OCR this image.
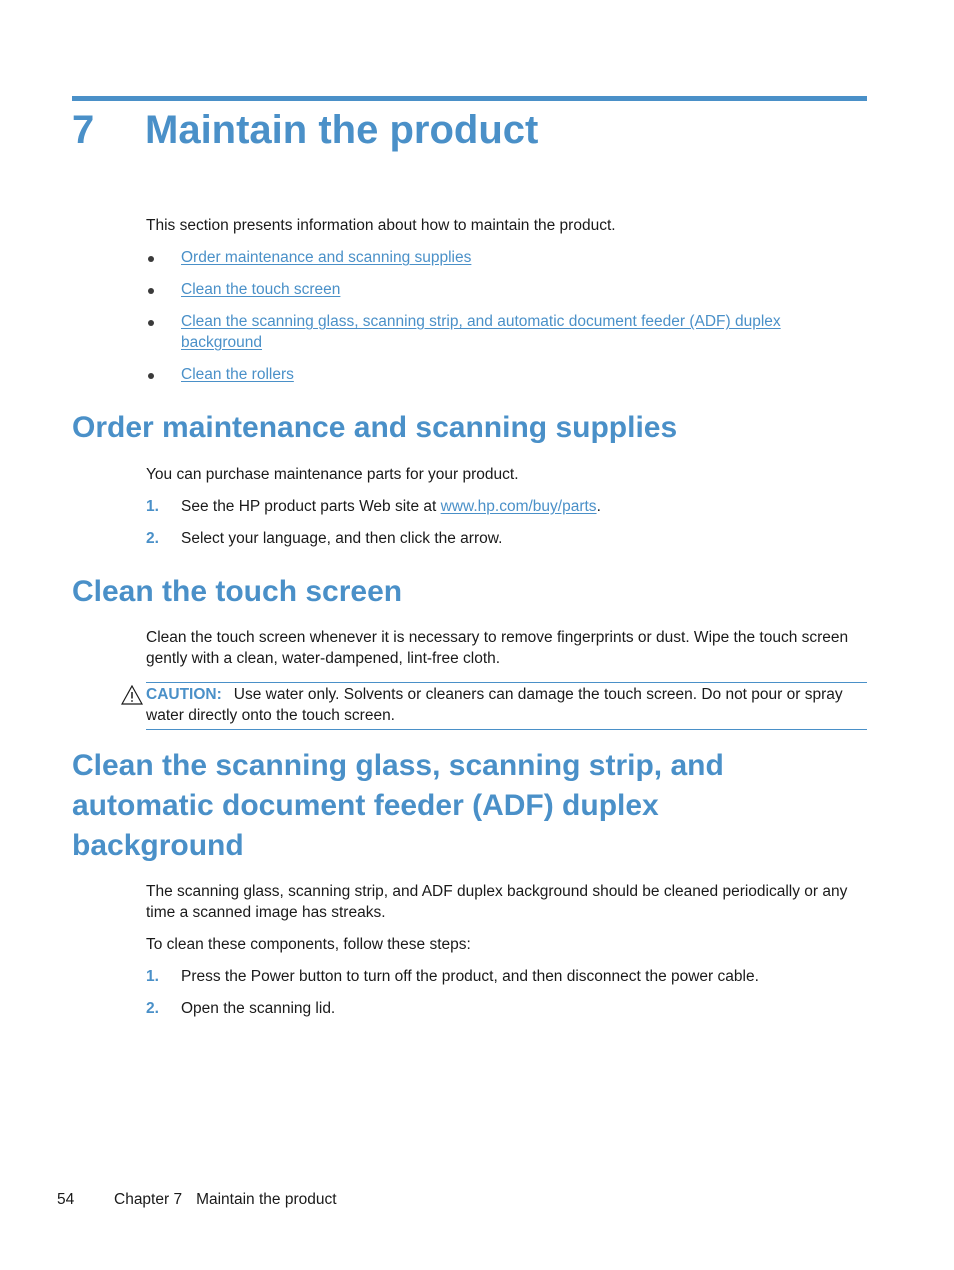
7 Maintain the product

This section presents information about how to maintain the product.

Order maintenance and scanning supplies
Clean the touch screen
Clean the scanning glass, scanning strip, and automatic document feeder (ADF) duplex background
Clean the rollers
Order maintenance and scanning supplies

You can purchase maintenance parts for your product.

1. See the HP product parts Web site at www.hp.com/buy/parts.
2. Select your language, and then click the arrow.
Clean the touch screen

Clean the touch screen whenever it is necessary to remove fingerprints or dust. Wipe the touch screen gently with a clean, water-dampened, lint-free cloth.

CAUTION: Use water only. Solvents or cleaners can damage the touch screen. Do not pour or spray water directly onto the touch screen.
Clean the scanning glass, scanning strip, and automatic document feeder (ADF) duplex background

The scanning glass, scanning strip, and ADF duplex background should be cleaned periodically or any time a scanned image has streaks.

To clean these components, follow these steps:

1. Press the Power button to turn off the product, and then disconnect the power cable.
2. Open the scanning lid.
54	Chapter 7 Maintain the product
